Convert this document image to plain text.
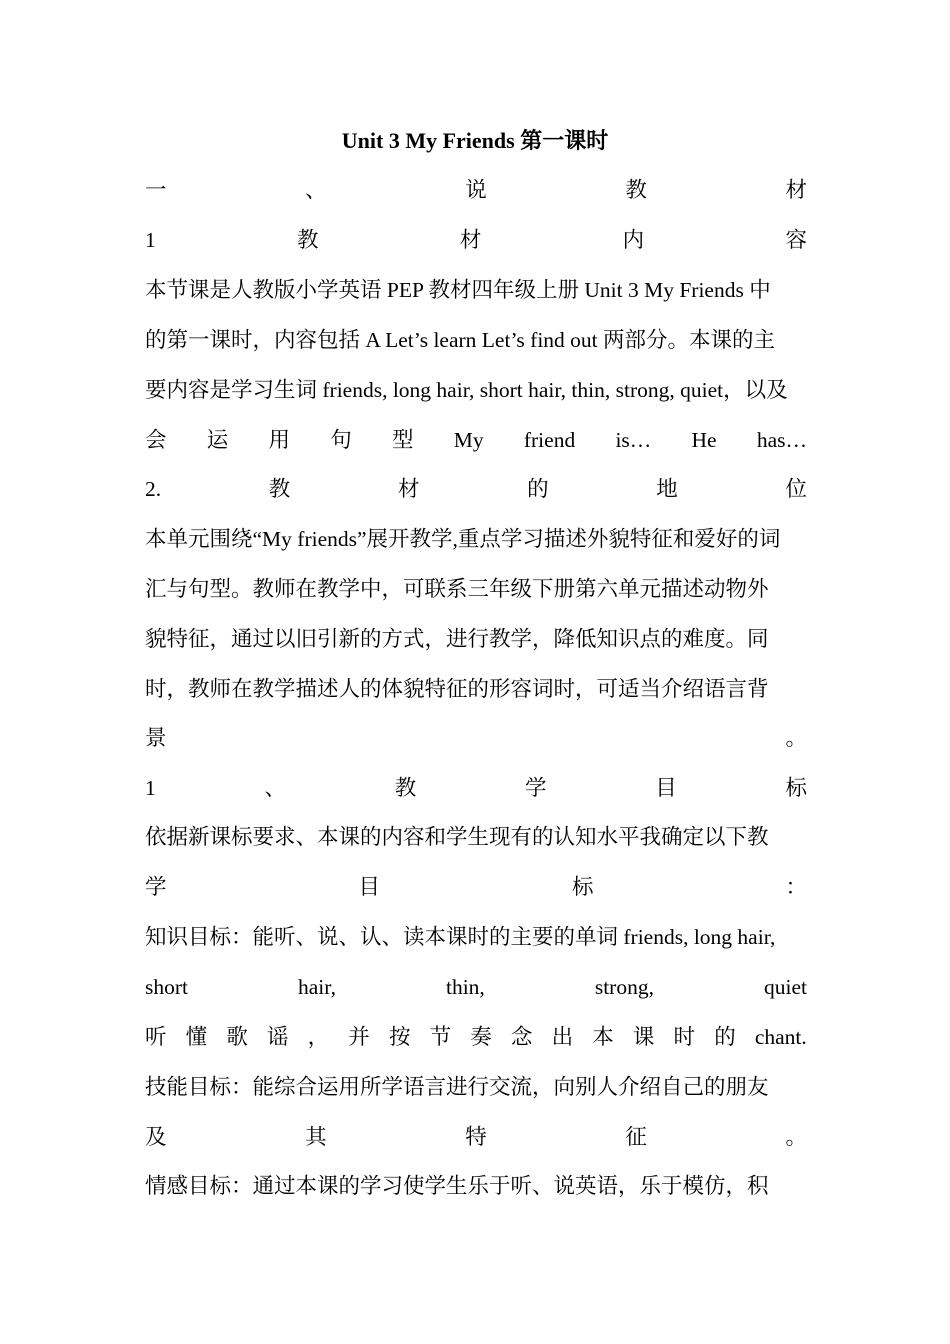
Unit 3 My Friends 第一课时
一	、	说	教	材
1	教	材	内	容
本节课是人教版小学英语 PEP 教材四年级上册 Unit 3 My Friends 中
的第一课时，内容包括 A Let’s learn Let’s find out 两部分。本课的主
要内容是学习生词 friends, long hair, short hair, thin, strong, quiet，以及
会 运 用 句 型 My friend is… He has…
2.	教	材	的	地	位
本单元围绕“My friends”展开教学,重点学习描述外貌特征和爱好的词
汇与句型。教师在教学中，可联系三年级下册第六单元描述动物外
貌特征，通过以旧引新的方式，进行教学，降低知识点的难度。同
时，教师在教学描述人的体貌特征的形容词时，可适当介绍语言背
景	。
1	、	教	学	目	标
依据新课标要求、本课的内容和学生现有的认知水平我确定以下教
学	目	标	：
知识目标：能听、说、认、读本课时的主要的单词 friends, long hair,
short	hair,	thin,	strong,	quiet
听 懂 歌 谣 ， 并 按 节 奏 念 出 本 课 时 的 chant.
技能目标：能综合运用所学语言进行交流，向别人介绍自己的朋友
及	其	特	征	。
情感目标：通过本课的学习使学生乐于听、说英语，乐于模仿，积
